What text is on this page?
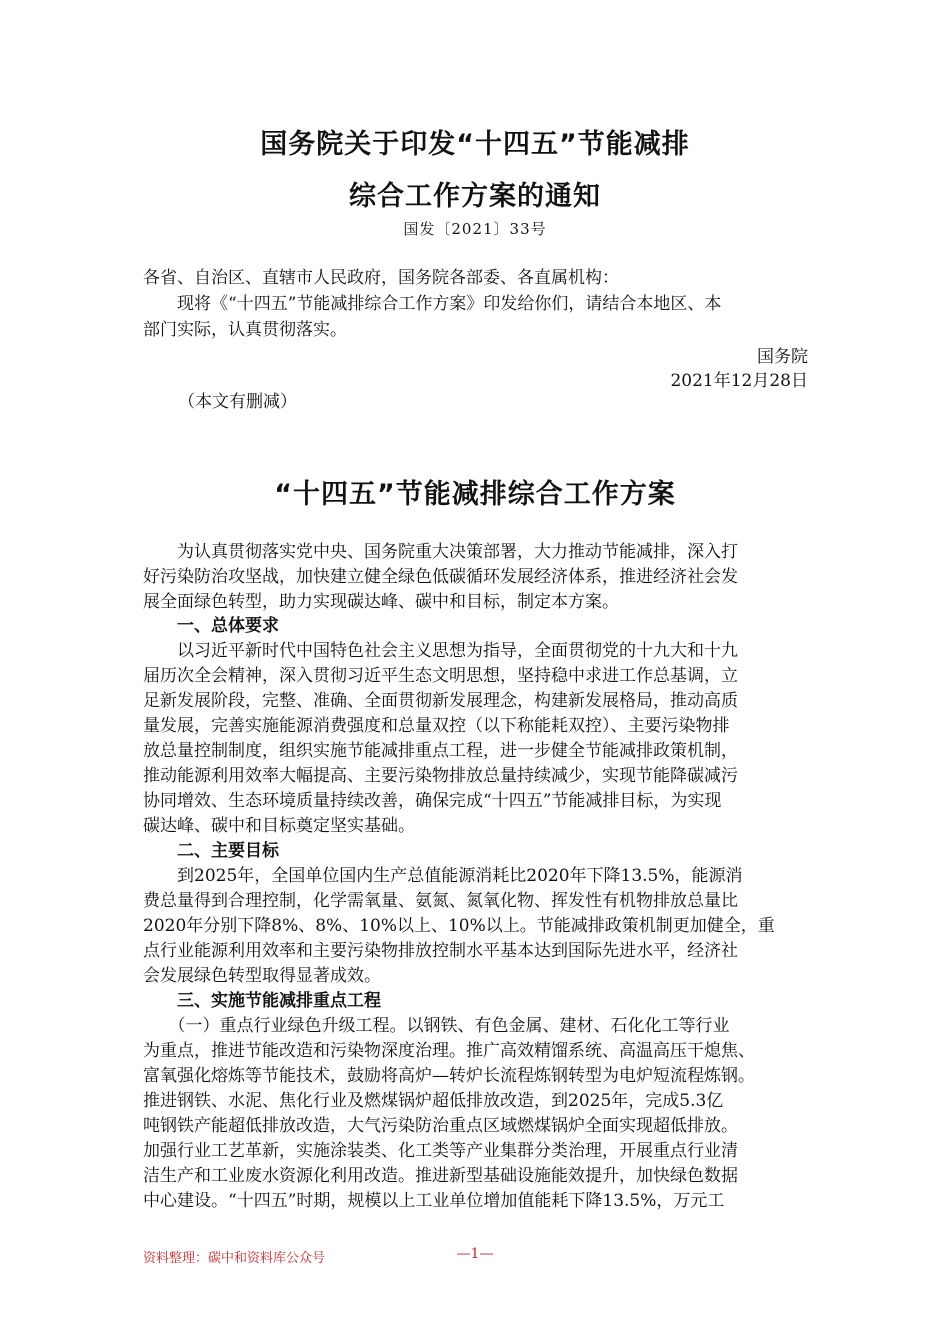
国务院关于印发“十四五”节能减排
综合工作方案的通知
国发〔2021〕33号
各省、自治区、直辖市人民政府，国务院各部委、各直属机构：
　　现将《“十四五”节能减排综合工作方案》印发给你们，请结合本地区、本
部门实际，认真贯彻落实。
国务院
2021年12月28日
（本文有删减）
“十四五”节能减排综合工作方案
　　为认真贯彻落实党中央、国务院重大决策部署，大力推动节能减排，深入打
好污染防治攻坚战，加快建立健全绿色低碳循环发展经济体系，推进经济社会发
展全面绿色转型，助力实现碳达峰、碳中和目标，制定本方案。
　　一、总体要求
　　以习近平新时代中国特色社会主义思想为指导，全面贯彻党的十九大和十九
届历次全会精神，深入贯彻习近平生态文明思想，坚持稳中求进工作总基调，立
足新发展阶段，完整、准确、全面贯彻新发展理念，构建新发展格局，推动高质
量发展，完善实施能源消费强度和总量双控（以下称能耗双控）、主要污染物排
放总量控制制度，组织实施节能减排重点工程，进一步健全节能减排政策机制，
推动能源利用效率大幅提高、主要污染物排放总量持续减少，实现节能降碳减污
协同增效、生态环境质量持续改善，确保完成“十四五”节能减排目标，为实现
碳达峰、碳中和目标奠定坚实基础。
　　二、主要目标
　　到2025年，全国单位国内生产总值能源消耗比2020年下降13.5%，能源消
费总量得到合理控制，化学需氧量、氨氮、氮氧化物、挥发性有机物排放总量比
2020年分别下降8%、8%、10%以上、10%以上。节能减排政策机制更加健全，重
点行业能源利用效率和主要污染物排放控制水平基本达到国际先进水平，经济社
会发展绿色转型取得显著成效。
　　三、实施节能减排重点工程
　　（一）重点行业绿色升级工程。以钢铁、有色金属、建材、石化化工等行业
为重点，推进节能改造和污染物深度治理。推广高效精馏系统、高温高压干熄焦、
富氧强化熔炼等节能技术，鼓励将高炉—转炉长流程炼钢转型为电炉短流程炼钢。
推进钢铁、水泥、焦化行业及燃煤锅炉超低排放改造，到2025年，完成5.3亿
吨钢铁产能超低排放改造，大气污染防治重点区域燃煤锅炉全面实现超低排放。
加强行业工艺革新，实施涂装类、化工类等产业集群分类治理，开展重点行业清
洁生产和工业废水资源化利用改造。推进新型基础设施能效提升，加快绿色数据
中心建设。“十四五”时期，规模以上工业单位增加值能耗下降13.5%，万元工
资料整理：碳中和资料库公众号	—1—
